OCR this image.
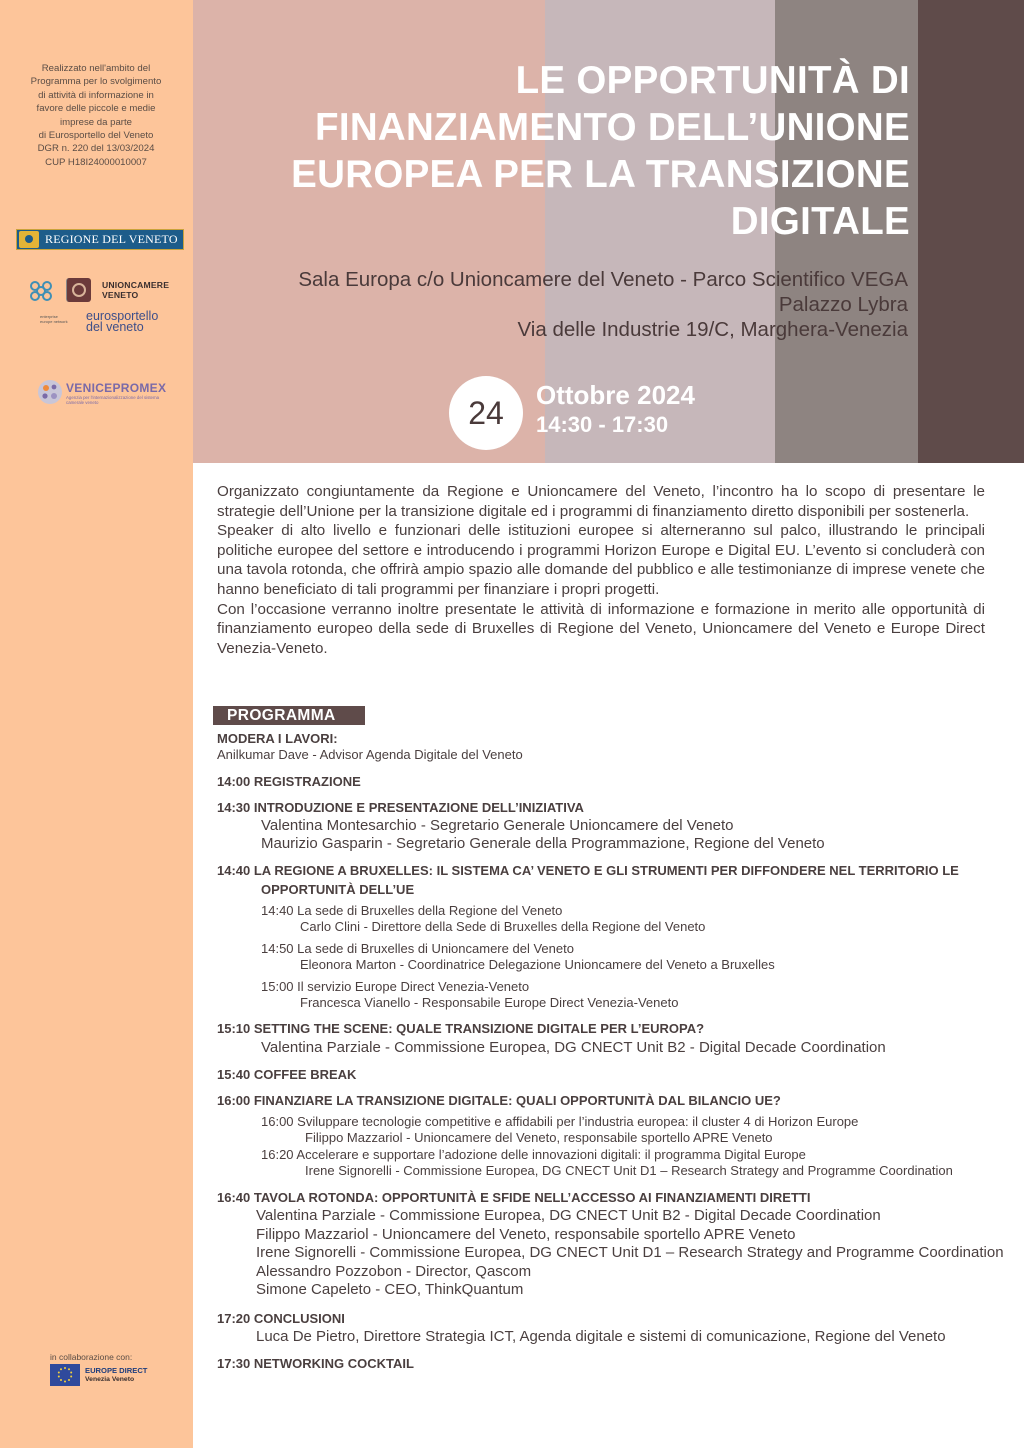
Realizzato nell'ambito del
Programma per lo svolgimento
di attività di informazione in
favore delle piccole e medie
imprese da parte
di Eurosportello del Veneto
DGR n. 220 del 13/03/2024
CUP H18I24000010007
REGIONE DEL VENETO
UNIONCAMERE
VENETO
enterprise europe network eurosportello
del veneto
VENICEPROMEX
Agenzia per l'internazionalizzazione del sistema camerale veneto
in collaborazione con:
EUROPE DIRECT
Venezia Veneto
LE OPPORTUNITÀ DI
FINANZIAMENTO DELL’UNIONE
EUROPEA PER LA TRANSIZIONE
DIGITALE
Sala Europa c/o Unioncamere del Veneto - Parco Scientifico VEGA
Palazzo Lybra
Via delle Industrie 19/C, Marghera-Venezia
24	Ottobre 2024
14:30 - 17:30

Organizzato congiuntamente da Regione e Unioncamere del Veneto, l’incontro ha lo scopo di presentare le strategie dell’Unione per la transizione digitale ed i programmi di finanziamento diretto disponibili per sostenerla.

Speaker di alto livello e funzionari delle istituzioni europee si alterneranno sul palco, illustrando le principali politiche europee del settore e introducendo i programmi Horizon Europe e Digital EU. L’evento si concluderà con una tavola rotonda, che offrirà ampio spazio alle domande del pubblico e alle testimonianze di imprese venete che hanno beneficiato di tali programmi per finanziare i propri progetti.

Con l’occasione verranno inoltre presentate le attività di informazione e formazione in merito alle opportunità di finanziamento europeo della sede di Bruxelles di Regione del Veneto, Unioncamere del Veneto e Europe Direct Venezia-Veneto.

PROGRAMMA
MODERA I LAVORI:
Anilkumar Dave - Advisor Agenda Digitale del Veneto
14:00 REGISTRAZIONE
14:30 INTRODUZIONE E PRESENTAZIONE DELL’INIZIATIVA
Valentina Montesarchio - Segretario Generale Unioncamere del Veneto
Maurizio Gasparin - Segretario Generale della Programmazione, Regione del Veneto
14:40 LA REGIONE A BRUXELLES: IL SISTEMA CA’ VENETO E GLI STRUMENTI PER DIFFONDERE NEL TERRITORIO LE
OPPORTUNITÀ DELL’UE
14:40 La sede di Bruxelles della Regione del Veneto
Carlo Clini - Direttore della Sede di Bruxelles della Regione del Veneto
14:50 La sede di Bruxelles di Unioncamere del Veneto
Eleonora Marton - Coordinatrice Delegazione Unioncamere del Veneto a Bruxelles
15:00 Il servizio Europe Direct Venezia-Veneto
Francesca Vianello - Responsabile Europe Direct Venezia-Veneto
15:10 SETTING THE SCENE: QUALE TRANSIZIONE DIGITALE PER L’EUROPA?
Valentina Parziale - Commissione Europea, DG CNECT Unit B2 - Digital Decade Coordination
15:40 COFFEE BREAK
16:00 FINANZIARE LA TRANSIZIONE DIGITALE: QUALI OPPORTUNITÀ DAL BILANCIO UE?
16:00 Sviluppare tecnologie competitive e affidabili per l’industria europea: il cluster 4 di Horizon Europe
Filippo Mazzariol - Unioncamere del Veneto, responsabile sportello APRE Veneto
16:20 Accelerare e supportare l’adozione delle innovazioni digitali: il programma Digital Europe
Irene Signorelli - Commissione Europea, DG CNECT Unit D1 – Research Strategy and Programme Coordination
16:40 TAVOLA ROTONDA: OPPORTUNITÀ E SFIDE NELL’ACCESSO AI FINANZIAMENTI DIRETTI
Valentina Parziale - Commissione Europea, DG CNECT Unit B2 - Digital Decade Coordination
Filippo Mazzariol - Unioncamere del Veneto, responsabile sportello APRE Veneto
Irene Signorelli - Commissione Europea, DG CNECT Unit D1 – Research Strategy and Programme Coordination
Alessandro Pozzobon - Director, Qascom
Simone Capeleto - CEO, ThinkQuantum
17:20 CONCLUSIONI
Luca De Pietro, Direttore Strategia ICT, Agenda digitale e sistemi di comunicazione, Regione del Veneto
17:30 NETWORKING COCKTAIL
